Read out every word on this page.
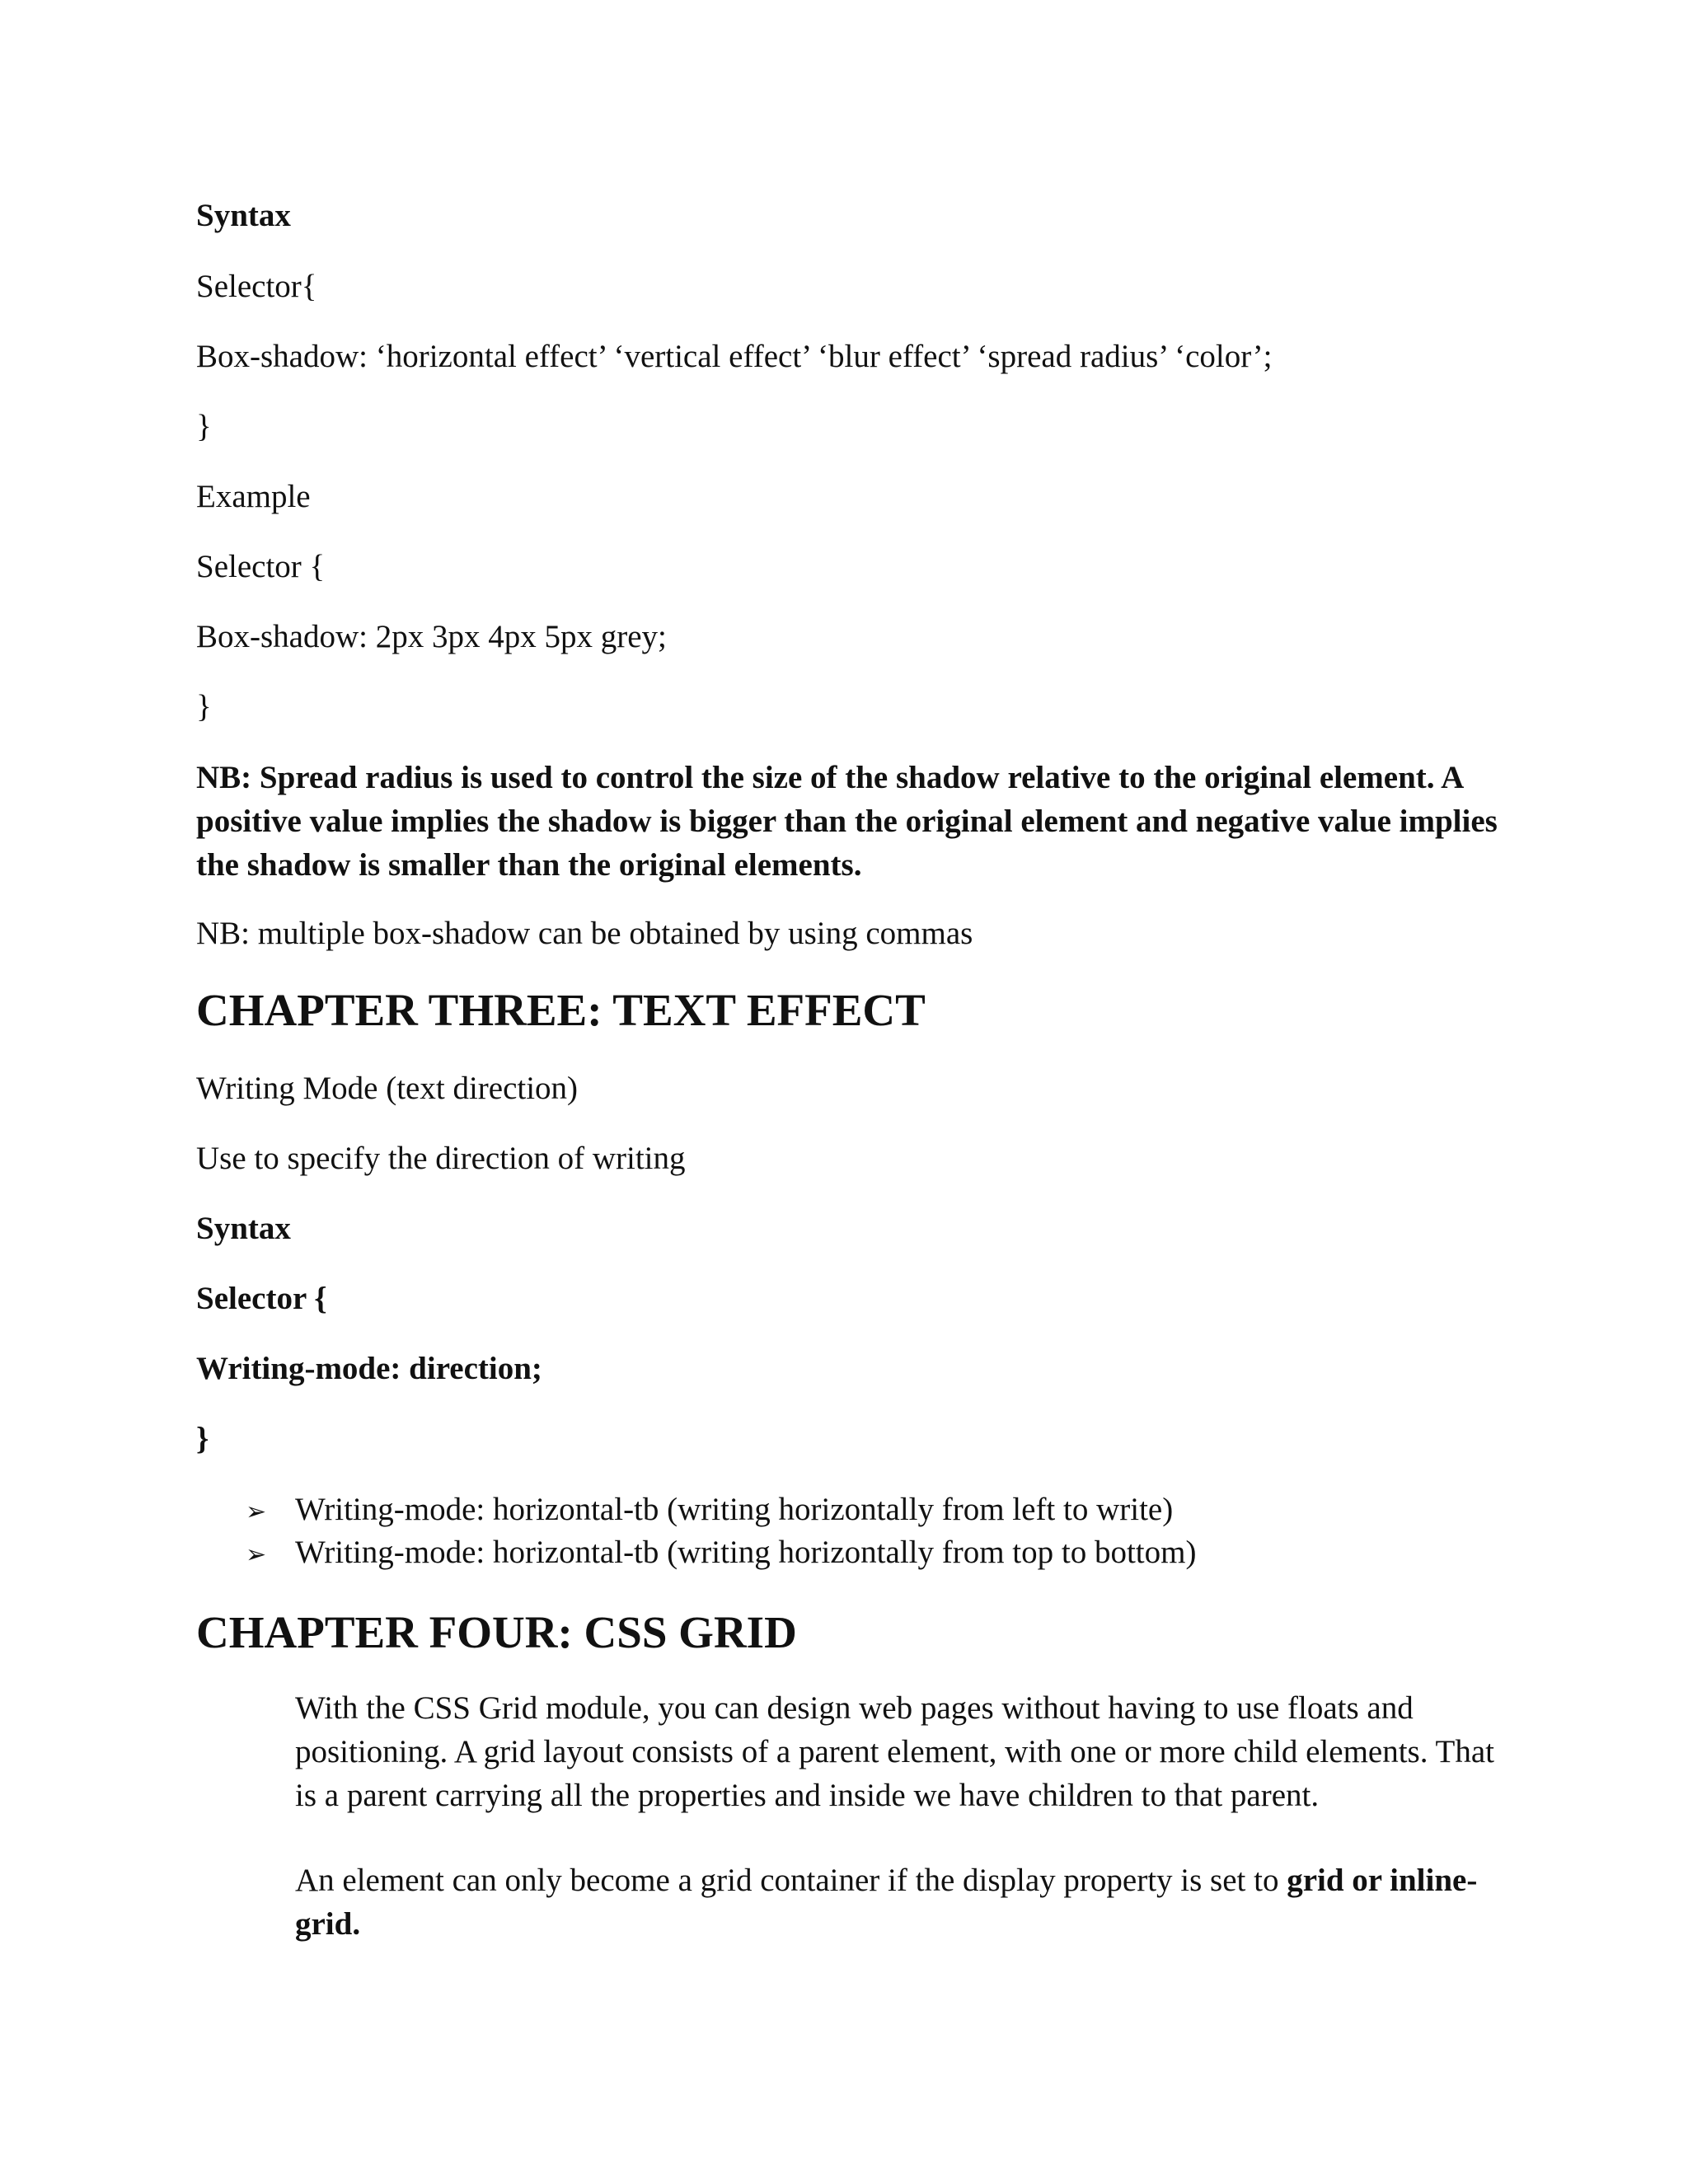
Syntax

Selector{

Box-shadow: ‘horizontal effect’ ‘vertical effect’ ‘blur effect’ ‘spread radius’ ‘color’;

}

Example

Selector {

Box-shadow: 2px 3px 4px 5px grey;

}

NB: Spread radius is used to control the size of the shadow relative to the original element. A positive value implies the shadow is bigger than the original element and negative value implies the shadow is smaller than the original elements.

NB: multiple box-shadow can be obtained by using commas

CHAPTER THREE: TEXT EFFECT

Writing Mode (text direction)

Use to specify the direction of writing

Syntax

Selector {

Writing-mode: direction;

}

➢ Writing-mode: horizontal-tb (writing horizontally from left to write)
➢ Writing-mode: horizontal-tb (writing horizontally from top to bottom)
CHAPTER FOUR: CSS GRID

With the CSS Grid module, you can design web pages without having to use floats and positioning. A grid layout consists of a parent element, with one or more child elements. That is a parent carrying all the properties and inside we have children to that parent.

An element can only become a grid container if the display property is set to grid or inline-grid.
